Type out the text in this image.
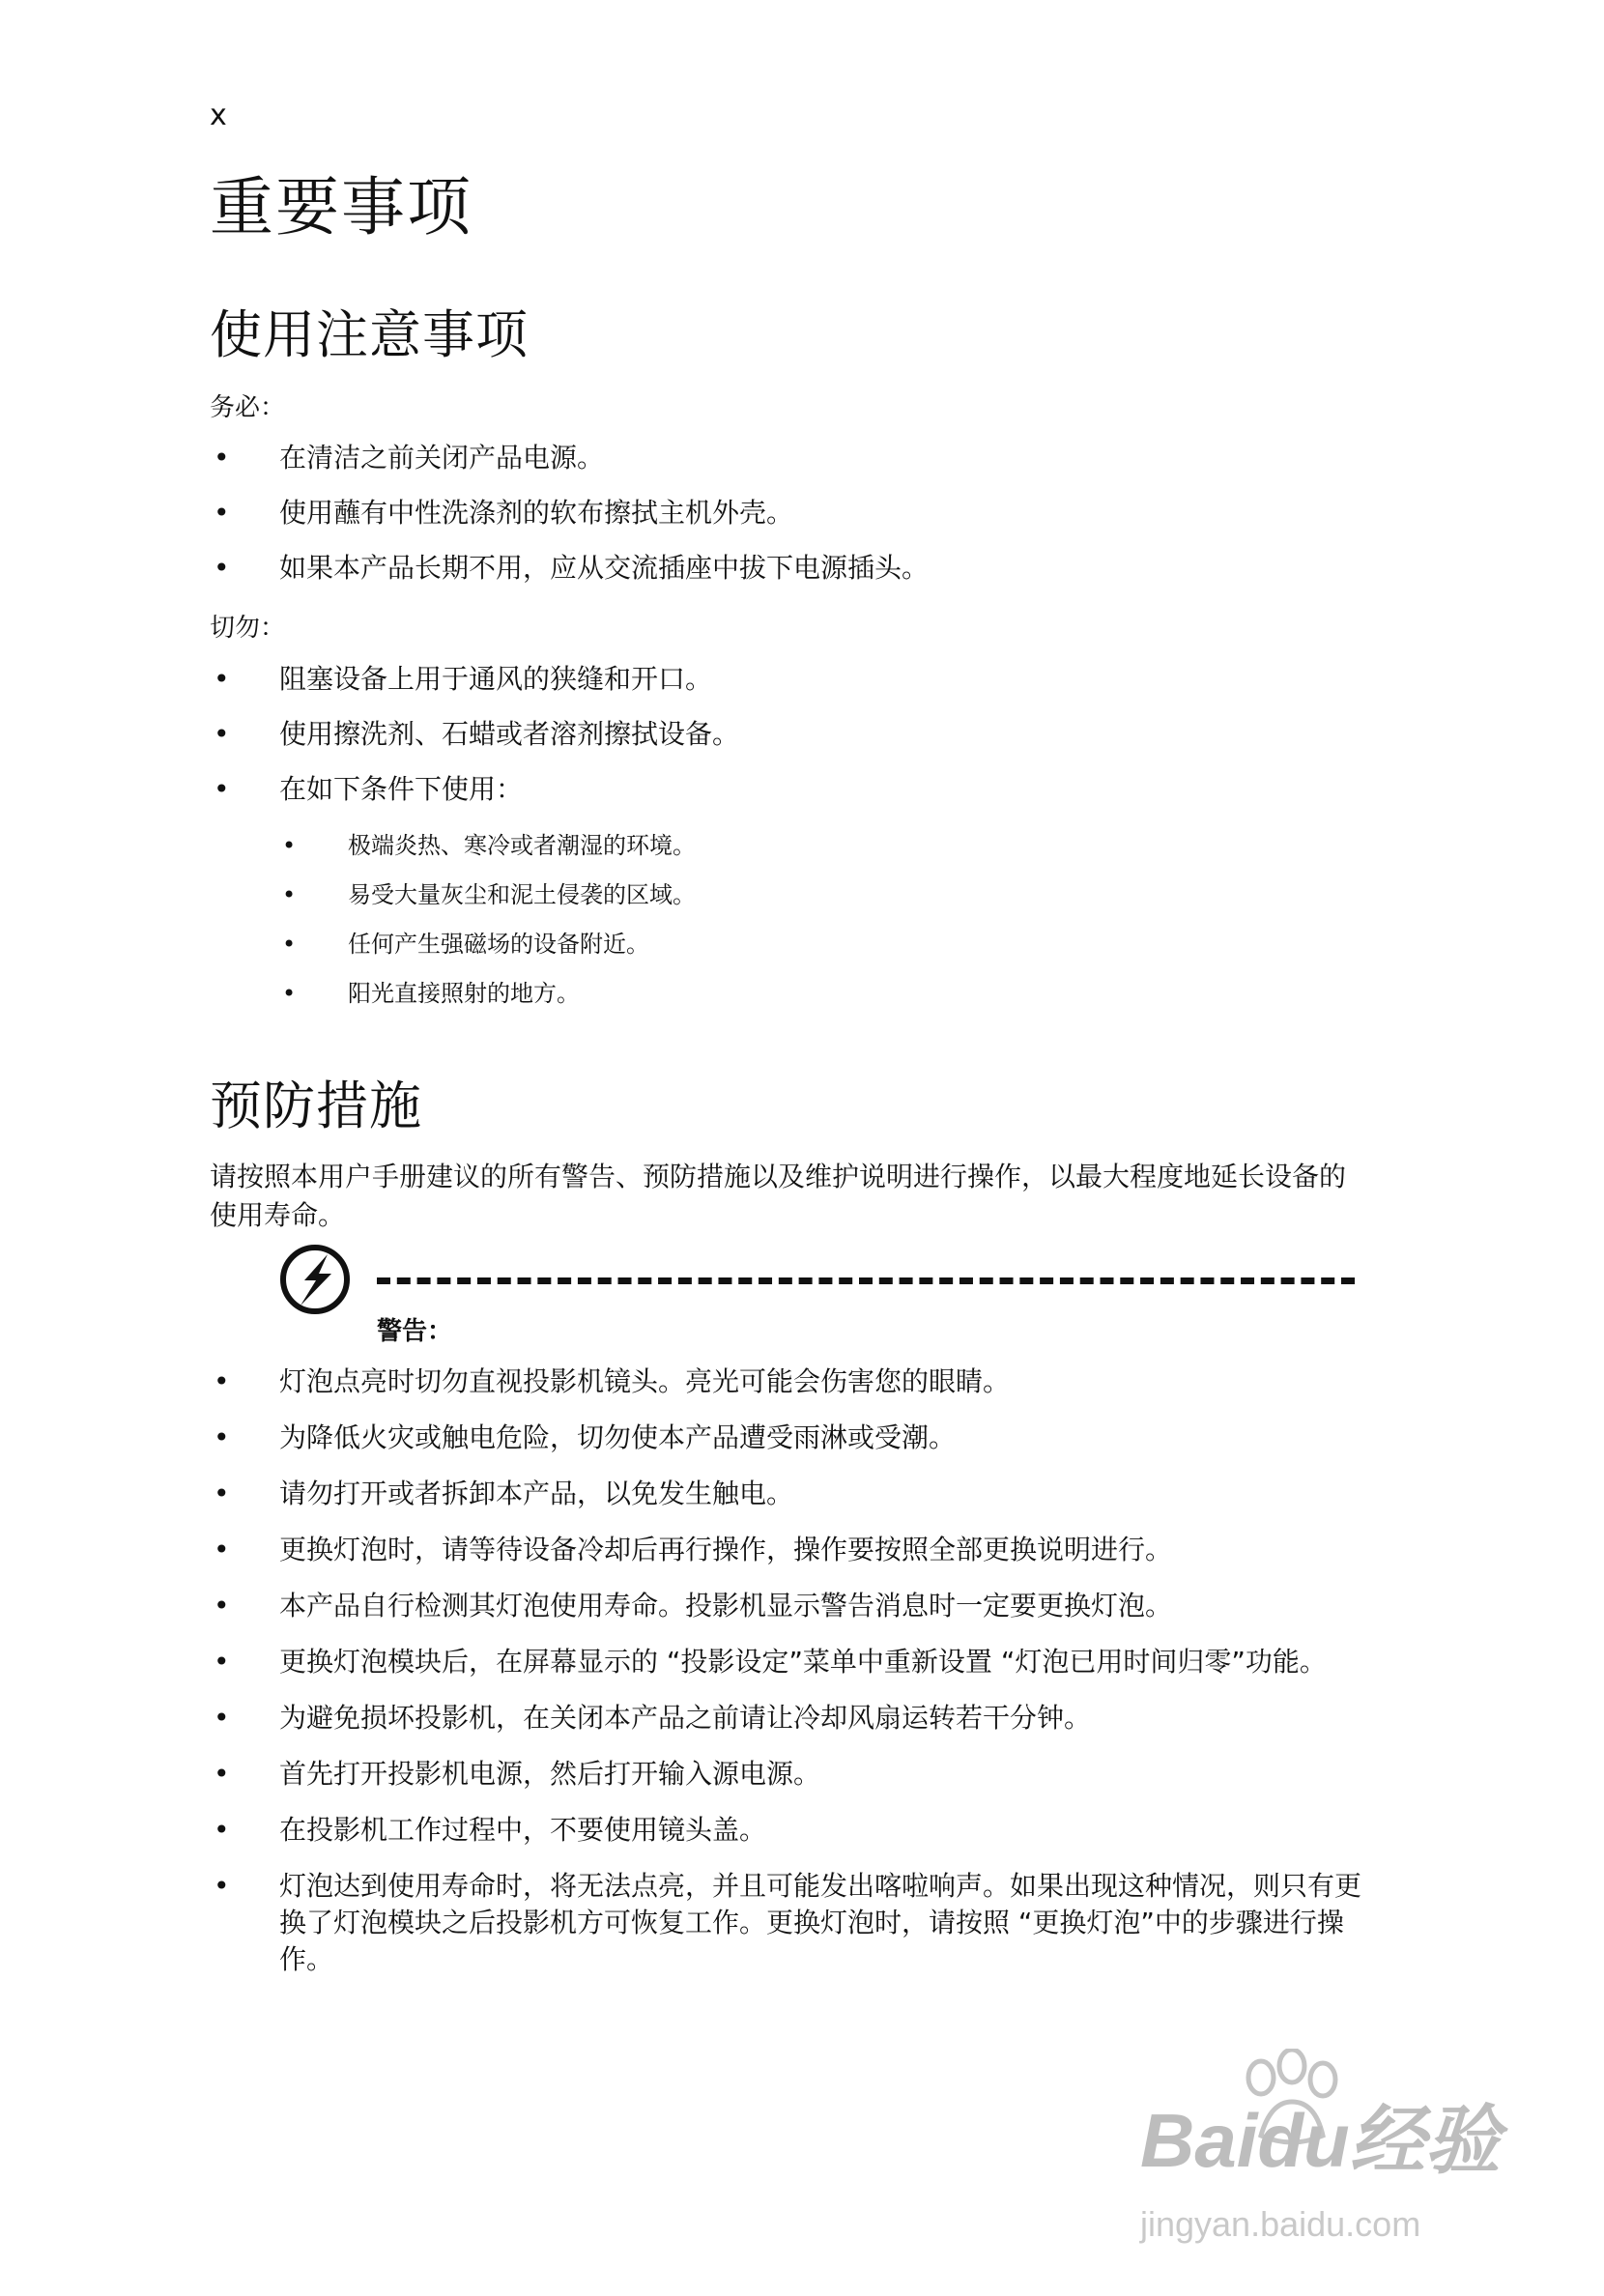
x
重要事项
使用注意事项
务必：
• 在清洁之前关闭产品电源。
• 使用蘸有中性洗涤剂的软布擦拭主机外壳。
• 如果本产品长期不用，应从交流插座中拔下电源插头。
切勿：
• 阻塞设备上用于通风的狭缝和开口。
• 使用擦洗剂、石蜡或者溶剂擦拭设备。
• 在如下条件下使用：
• 极端炎热、寒冷或者潮湿的环境。
• 易受大量灰尘和泥土侵袭的区域。
• 任何产生强磁场的设备附近。
• 阳光直接照射的地方。
预防措施

请按照本用户手册建议的所有警告、预防措施以及维护说明进行操作，以最大程度地延长设备的使用寿命。

警告：
• 灯泡点亮时切勿直视投影机镜头。亮光可能会伤害您的眼睛。
• 为降低火灾或触电危险，切勿使本产品遭受雨淋或受潮。
• 请勿打开或者拆卸本产品，以免发生触电。
• 更换灯泡时，请等待设备冷却后再行操作，操作要按照全部更换说明进行。
• 本产品自行检测其灯泡使用寿命。投影机显示警告消息时一定要更换灯泡。
• 更换灯泡模块后，在屏幕显示的 “投影设定”菜单中重新设置 “灯泡已用时间归零”功能。
• 为避免损坏投影机，在关闭本产品之前请让冷却风扇运转若干分钟。
• 首先打开投影机电源，然后打开输入源电源。
• 在投影机工作过程中，不要使用镜头盖。
• 灯泡达到使用寿命时，将无法点亮，并且可能发出喀啦响声。如果出现这种情况，则只有更换了灯泡模块之后投影机方可恢复工作。更换灯泡时，请按照 “更换灯泡”中的步骤进行操作。
Baidu经验
jingyan.baidu.com
